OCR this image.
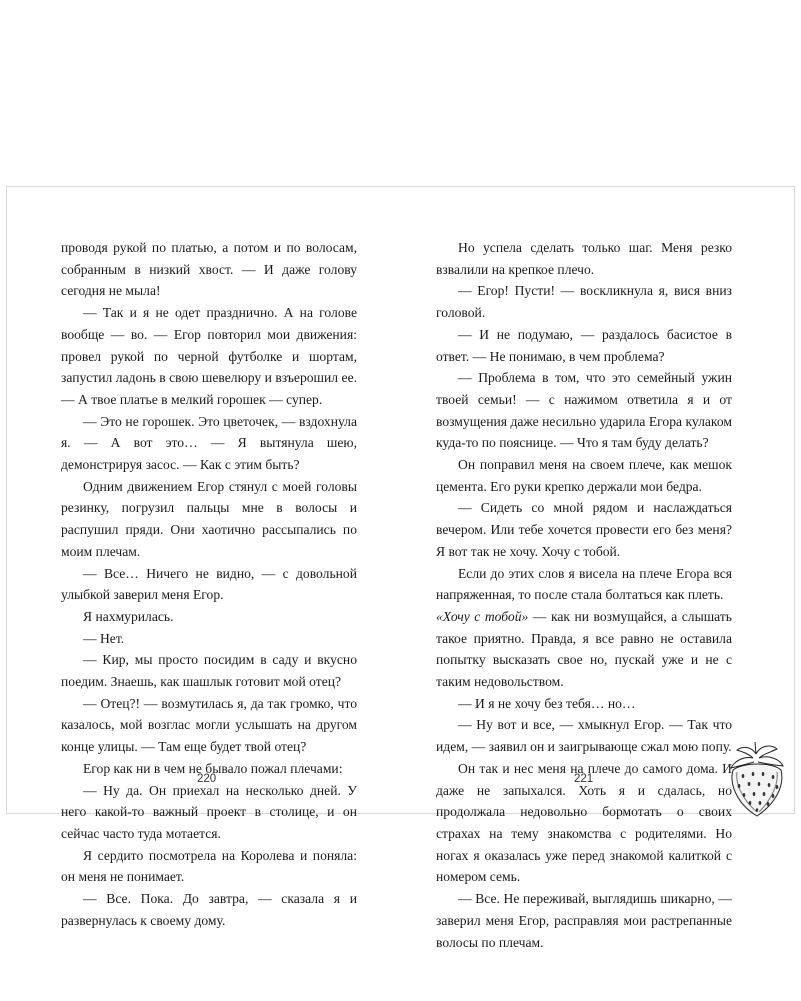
проводя рукой по платью, а потом и по волосам, собранным в низкий хвост. — И даже голову сегодня не мыла!

— Так и я не одет празднично. А на голове вообще — во. — Егор повторил мои движения: провел рукой по черной футболке и шортам, запустил ладонь в свою шевелюру и взъерошил ее. — А твое платье в мелкий горошек — супер.

— Это не горошек. Это цветочек, — вздохнула я. — А вот это… — Я вытянула шею, демонстрируя засос. — Как с этим быть?

Одним движением Егор стянул с моей головы резинку, погрузил пальцы мне в волосы и распушил пряди. Они хаотично рассыпались по моим плечам.

— Все… Ничего не видно, — с довольной улыбкой заверил меня Егор.

Я нахмурилась.

— Нет.

— Кир, мы просто посидим в саду и вкусно поедим. Знаешь, как шашлык готовит мой отец?

— Отец?! — возмутилась я, да так громко, что казалось, мой возглас могли услышать на другом конце улицы. — Там еще будет твой отец?

Егор как ни в чем не бывало пожал плечами:

— Ну да. Он приехал на несколько дней. У него какой-то важный проект в столице, и он сейчас часто туда мотается.

Я сердито посмотрела на Королева и поняла: он меня не понимает.

— Все. Пока. До завтра, — сказала я и развернулась к своему дому.

Но успела сделать только шаг. Меня резко взвалили на крепкое плечо.

— Егор! Пусти! — воскликнула я, вися вниз головой.

— И не подумаю, — раздалось басистое в ответ. — Не понимаю, в чем проблема?

— Проблема в том, что это семейный ужин твоей семьи! — с нажимом ответила я и от возмущения даже несильно ударила Егора кулаком куда-то по пояснице. — Что я там буду делать?

Он поправил меня на своем плече, как мешок цемента. Его руки крепко держали мои бедра.

— Сидеть со мной рядом и наслаждаться вечером. Или тебе хочется провести его без меня? Я вот так не хочу. Хочу с тобой.

Если до этих слов я висела на плече Егора вся напряженная, то после стала болтаться как плеть.

«Хочу с тобой» — как ни возмущайся, а слышать такое приятно. Правда, я все равно не оставила попытку высказать свое но, пускай уже и не с таким недовольством.

— И я не хочу без тебя… но…

— Ну вот и все, — хмыкнул Егор. — Так что идем, — заявил он и заигрывающе сжал мою попу.

Он так и нес меня на плече до самого дома. И даже не запыхался. Хоть я и сдалась, но продолжала недовольно бормотать о своих страхах на тему знакомства с родителями. Но ногах я оказалась уже перед знакомой калиткой с номером семь.

— Все. Не переживай, выглядишь шикарно, — заверил меня Егор, расправляя мои растрепанные волосы по плечам.

220	221
